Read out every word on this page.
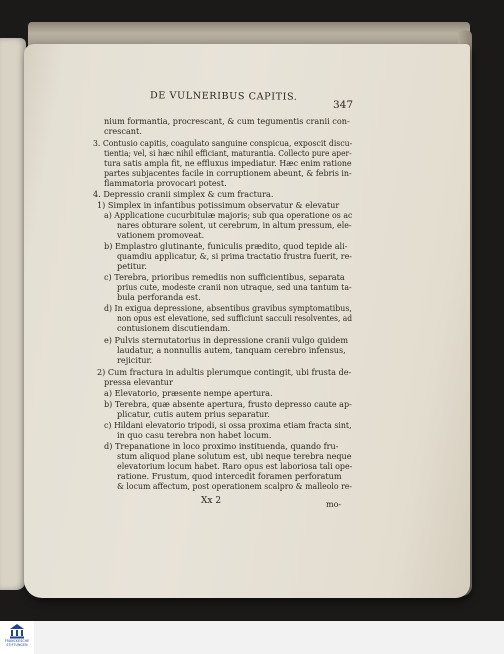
DE VULNERIBUS CAPITIS.
347
nium formantia, procrescant, & cum tegumentis cranii con-
crescant.
3. Contusio capitis, coagulato sanguine conspicua, exposcit discu-
tientia; vel, si hæc nihil efficiant, maturantia. Collecto pure aper-
tura satis ampla fit, ne effluxus impediatur. Hæc enim ratione
partes subjacentes facile in corruptionem abeunt, & febris in-
flammatoria provocari potest.
4. Depressio cranii simplex & cum fractura.
1) Simplex in infantibus potissimum observatur & elevatur
a) Applicatione cucurbitulæ majoris; sub qua operatione os ac
nares obturare solent, ut cerebrum, in altum pressum, ele-
vationem promoveat.
b) Emplastro glutinante, funiculis prædito, quod tepide ali-
quamdiu applicatur, &, si prima tractatio frustra fuerit, re-
petitur.
c) Terebra, prioribus remediis non sufficientibus, separata
prius cute, modeste cranii non utraque, sed una tantum ta-
bula perforanda est.
d) In exigua depressione, absentibus gravibus symptomatibus,
non opus est elevatione, sed sufficiunt sacculi resolventes, ad
contusionem discutiendam.
e) Pulvis sternutatorius in depressione cranii vulgo quidem
laudatur, a nonnullis autem, tanquam cerebro infensus,
rejicitur.
2) Cum fractura in adultis plerumque contingit, ubi frusta de-
pressa elevantur
a) Elevatorio, præsente nempe apertura.
b) Terebra, quæ absente apertura, frusto depresso caute ap-
plicatur, cutis autem prius separatur.
c) Hildani elevatorio tripodi, si ossa proxima etiam fracta sint,
in quo casu terebra non habet locum.
d) Trepanatione in loco proximo instituenda, quando fru-
stum aliquod plane solutum est, ubi neque terebra neque
elevatorium locum habet. Raro opus est laboriosa tali ope-
ratione. Frustum, quod intercedit foramen perforatum
& locum affectum, post operationem scalpro & malleolo re-
Xx 2	mo-
FRANCKESCHE
STIFTUNGEN
